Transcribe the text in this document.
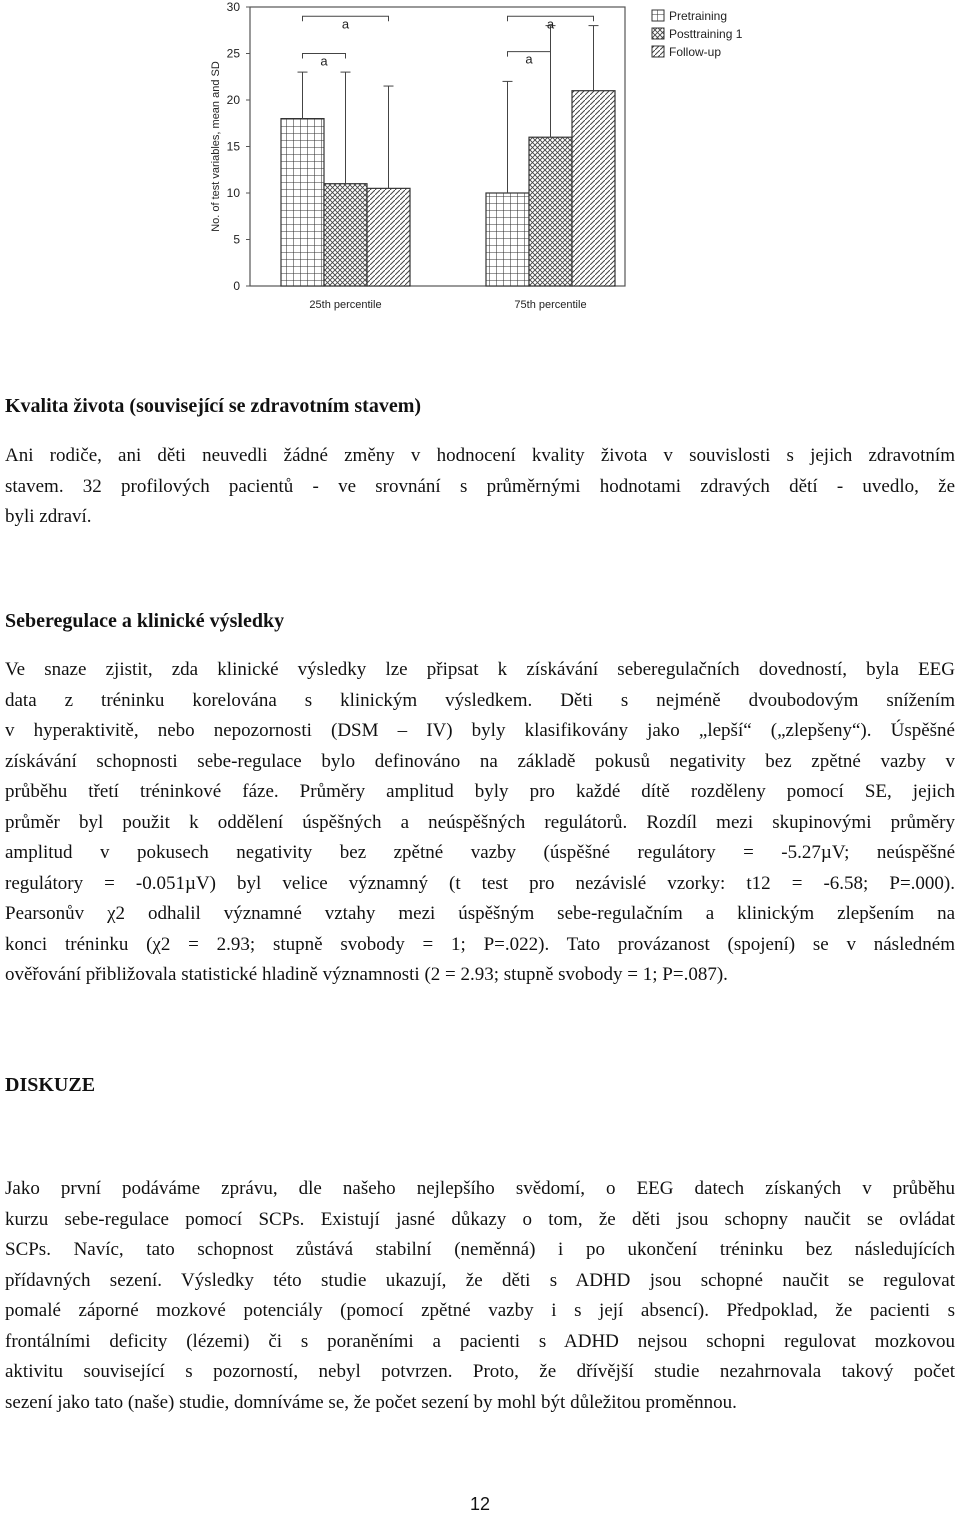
0
5
10
15
20
25
30
No. of test variables, mean and SD
25th percentile	75th percentile
a
a
a
a
Pretraining
Posttraining 1
Follow-up
Kvalita života (související se zdravotním stavem)

Ani rodiče, ani děti neuvedli žádné změny v hodnocení kvality života v souvislosti s jejich zdravotním
stavem. 32 profilových pacientů - ve srovnání s průměrnými hodnotami zdravých dětí - uvedlo, že
byli zdraví.

Seberegulace a klinické výsledky

Ve snaze zjistit, zda klinické výsledky lze připsat k získávání seberegulačních dovedností, byla EEG
data z tréninku korelována s klinickým výsledkem. Děti s nejméně dvoubodovým snížením
v hyperaktivitě, nebo nepozornosti (DSM – IV) byly klasifikovány jako „lepší“ („zlepšeny“). Úspěšné
získávání schopnosti sebe-regulace bylo definováno na základě pokusů negativity bez zpětné vazby v
průběhu třetí tréninkové fáze. Průměry amplitud byly pro každé dítě rozděleny pomocí SE, jejich
průměr byl použit k oddělení úspěšných a neúspěšných regulátorů. Rozdíl mezi skupinovými průměry
amplitud v pokusech negativity bez zpětné vazby (úspěšné regulátory = -5.27µV; neúspěšné
regulátory = -0.051µV) byl velice významný (t test pro nezávislé vzorky: t12 = -6.58; P=.000).
Pearsonův χ2 odhalil významné vztahy mezi úspěšným sebe-regulačním a klinickým zlepšením na
konci tréninku (χ2 = 2.93; stupně svobody = 1; P=.022). Tato provázanost (spojení) se v následném
ověřování přibližovala statistické hladině významnosti (2 = 2.93; stupně svobody = 1; P=.087).

DISKUZE

Jako první podáváme zprávu, dle našeho nejlepšího svědomí, o EEG datech získaných v průběhu
kurzu sebe-regulace pomocí SCPs. Existují jasné důkazy o tom, že děti jsou schopny naučit se ovládat
SCPs. Navíc, tato schopnost zůstává stabilní (neměnná) i po ukončení tréninku bez následujících
přídavných sezení. Výsledky této studie ukazují, že děti s ADHD jsou schopné naučit se regulovat
pomalé záporné mozkové potenciály (pomocí zpětné vazby i s její absencí). Předpoklad, že pacienti s
frontálními deficity (lézemi) či s poraněními a pacienti s ADHD nejsou schopni regulovat mozkovou
aktivitu související s pozorností, nebyl potvrzen. Proto, že dřívější studie nezahrnovala takový počet
sezení jako tato (naše) studie, domníváme se, že počet sezení by mohl být důležitou proměnnou.

12
